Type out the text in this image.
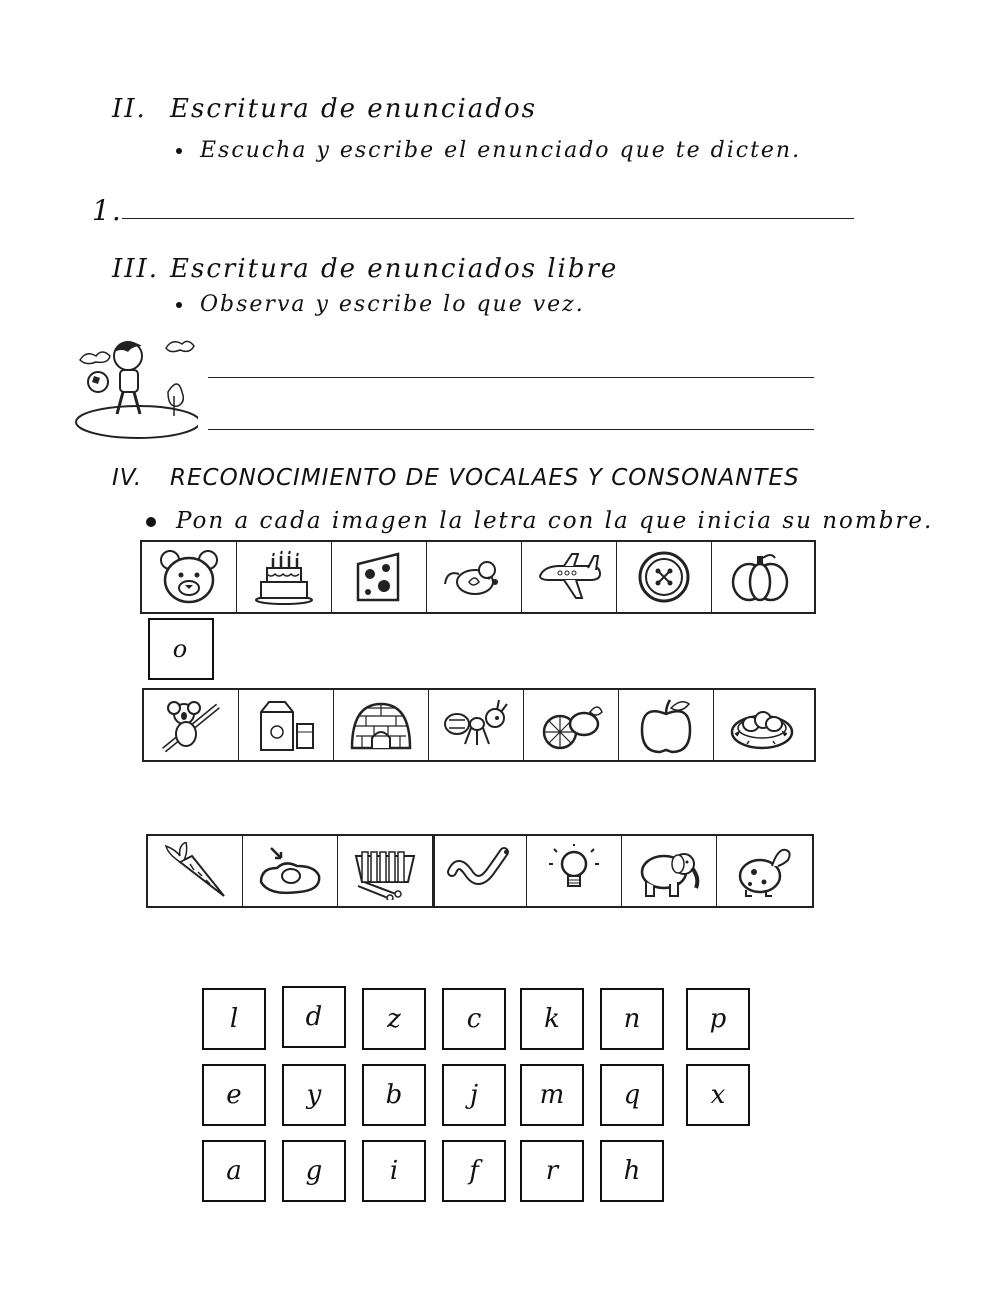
II. Escritura de enunciados
Escucha y escribe el enunciado que te dicten.
1.
III. Escritura de enunciados libre
Observa y escribe lo que vez.
IV. RECONOCIMIENTO DE VOCALAES Y CONSONANTES
Pon a cada imagen la letra con la que inicia su nombre.
o
l	d	z	c	k	n	p
e	y	b	j	m	q	x
a	g	i	f	r	h
